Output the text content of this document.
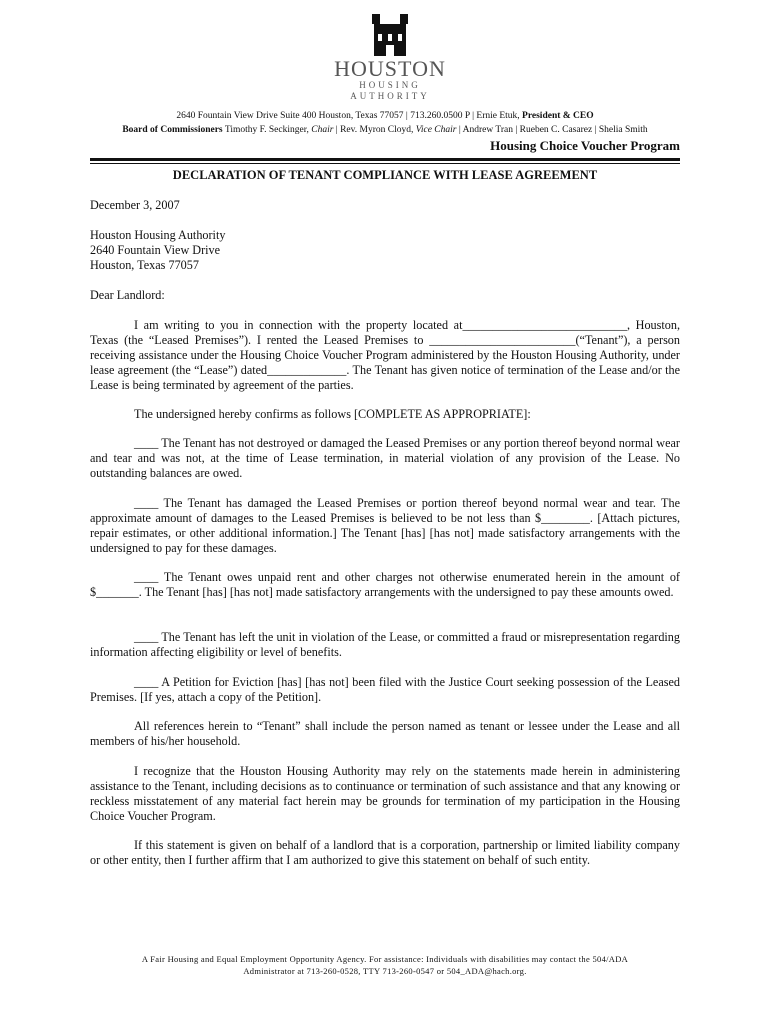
HOUSTON
HOUSING AUTHORITY
2640 Fountain View Drive Suite 400 Houston, Texas 77057 | 713.260.0500 P | Ernie Etuk, President & CEO
Board of Commissioners Timothy F. Seckinger, Chair | Rev. Myron Cloyd, Vice Chair | Andrew Tran | Rueben C. Casarez | Shelia Smith
Housing Choice Voucher Program
DECLARATION OF TENANT COMPLIANCE WITH LEASE AGREEMENT
December 3, 2007
Houston Housing Authority
2640 Fountain View Drive
Houston, Texas 77057
Dear Landlord:
I am writing to you in connection with the property located at___________________________, Houston, Texas (the “Leased Premises”). I rented the Leased Premises to ________________________(“Tenant”), a person receiving assistance under the Housing Choice Voucher Program administered by the Houston Housing Authority, under lease agreement (the “Lease”) dated_____________. The Tenant has given notice of termination of the Lease and/or the Lease is being terminated by agreement of the parties.
The undersigned hereby confirms as follows [COMPLETE AS APPROPRIATE]:
____ The Tenant has not destroyed or damaged the Leased Premises or any portion thereof beyond normal wear and tear and was not, at the time of Lease termination, in material violation of any provision of the Lease. No outstanding balances are owed.
____ The Tenant has damaged the Leased Premises or portion thereof beyond normal wear and tear. The approximate amount of damages to the Leased Premises is believed to be not less than $________. [Attach pictures, repair estimates, or other additional information.] The Tenant [has] [has not] made satisfactory arrangements with the undersigned to pay for these damages.
____ The Tenant owes unpaid rent and other charges not otherwise enumerated herein in the amount of $_______. The Tenant [has] [has not] made satisfactory arrangements with the undersigned to pay these amounts owed.
____ The Tenant has left the unit in violation of the Lease, or committed a fraud or misrepresentation regarding information affecting eligibility or level of benefits.
____ A Petition for Eviction [has] [has not] been filed with the Justice Court seeking possession of the Leased Premises. [If yes, attach a copy of the Petition].
All references herein to “Tenant” shall include the person named as tenant or lessee under the Lease and all members of his/her household.
I recognize that the Houston Housing Authority may rely on the statements made herein in administering assistance to the Tenant, including decisions as to continuance or termination of such assistance and that any knowing or reckless misstatement of any material fact herein may be grounds for termination of my participation in the Housing Choice Voucher Program.
If this statement is given on behalf of a landlord that is a corporation, partnership or limited liability company or other entity, then I further affirm that I am authorized to give this statement on behalf of such entity.
A Fair Housing and Equal Employment Opportunity Agency. For assistance: Individuals with disabilities may contact the 504/ADA
Administrator at 713-260-0528, TTY 713-260-0547 or 504_ADA@hach.org.
